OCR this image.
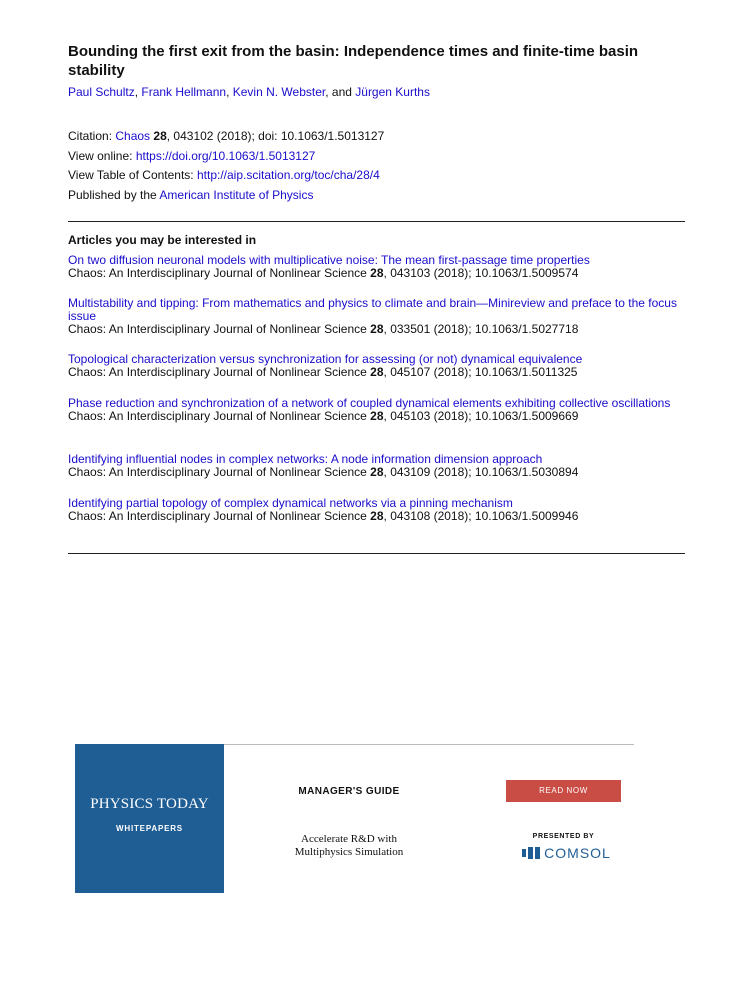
Bounding the first exit from the basin: Independence times and finite-time basin stability
Paul Schultz, Frank Hellmann, Kevin N. Webster, and Jürgen Kurths
Citation: Chaos 28, 043102 (2018); doi: 10.1063/1.5013127
View online: https://doi.org/10.1063/1.5013127
View Table of Contents: http://aip.scitation.org/toc/cha/28/4
Published by the American Institute of Physics
Articles you may be interested in
On two diffusion neuronal models with multiplicative noise: The mean first-passage time properties
Chaos: An Interdisciplinary Journal of Nonlinear Science 28, 043103 (2018); 10.1063/1.5009574
Multistability and tipping: From mathematics and physics to climate and brain—Minireview and preface to the focus issue
Chaos: An Interdisciplinary Journal of Nonlinear Science 28, 033501 (2018); 10.1063/1.5027718
Topological characterization versus synchronization for assessing (or not) dynamical equivalence
Chaos: An Interdisciplinary Journal of Nonlinear Science 28, 045107 (2018); 10.1063/1.5011325
Phase reduction and synchronization of a network of coupled dynamical elements exhibiting collective oscillations
Chaos: An Interdisciplinary Journal of Nonlinear Science 28, 045103 (2018); 10.1063/1.5009669
Identifying influential nodes in complex networks: A node information dimension approach
Chaos: An Interdisciplinary Journal of Nonlinear Science 28, 043109 (2018); 10.1063/1.5030894
Identifying partial topology of complex dynamical networks via a pinning mechanism
Chaos: An Interdisciplinary Journal of Nonlinear Science 28, 043108 (2018); 10.1063/1.5009946
PHYSICS TODAY
WHITEPAPERS
MANAGER'S GUIDE
Accelerate R&D with Multiphysics Simulation
READ NOW
PRESENTED BY
COMSOL
